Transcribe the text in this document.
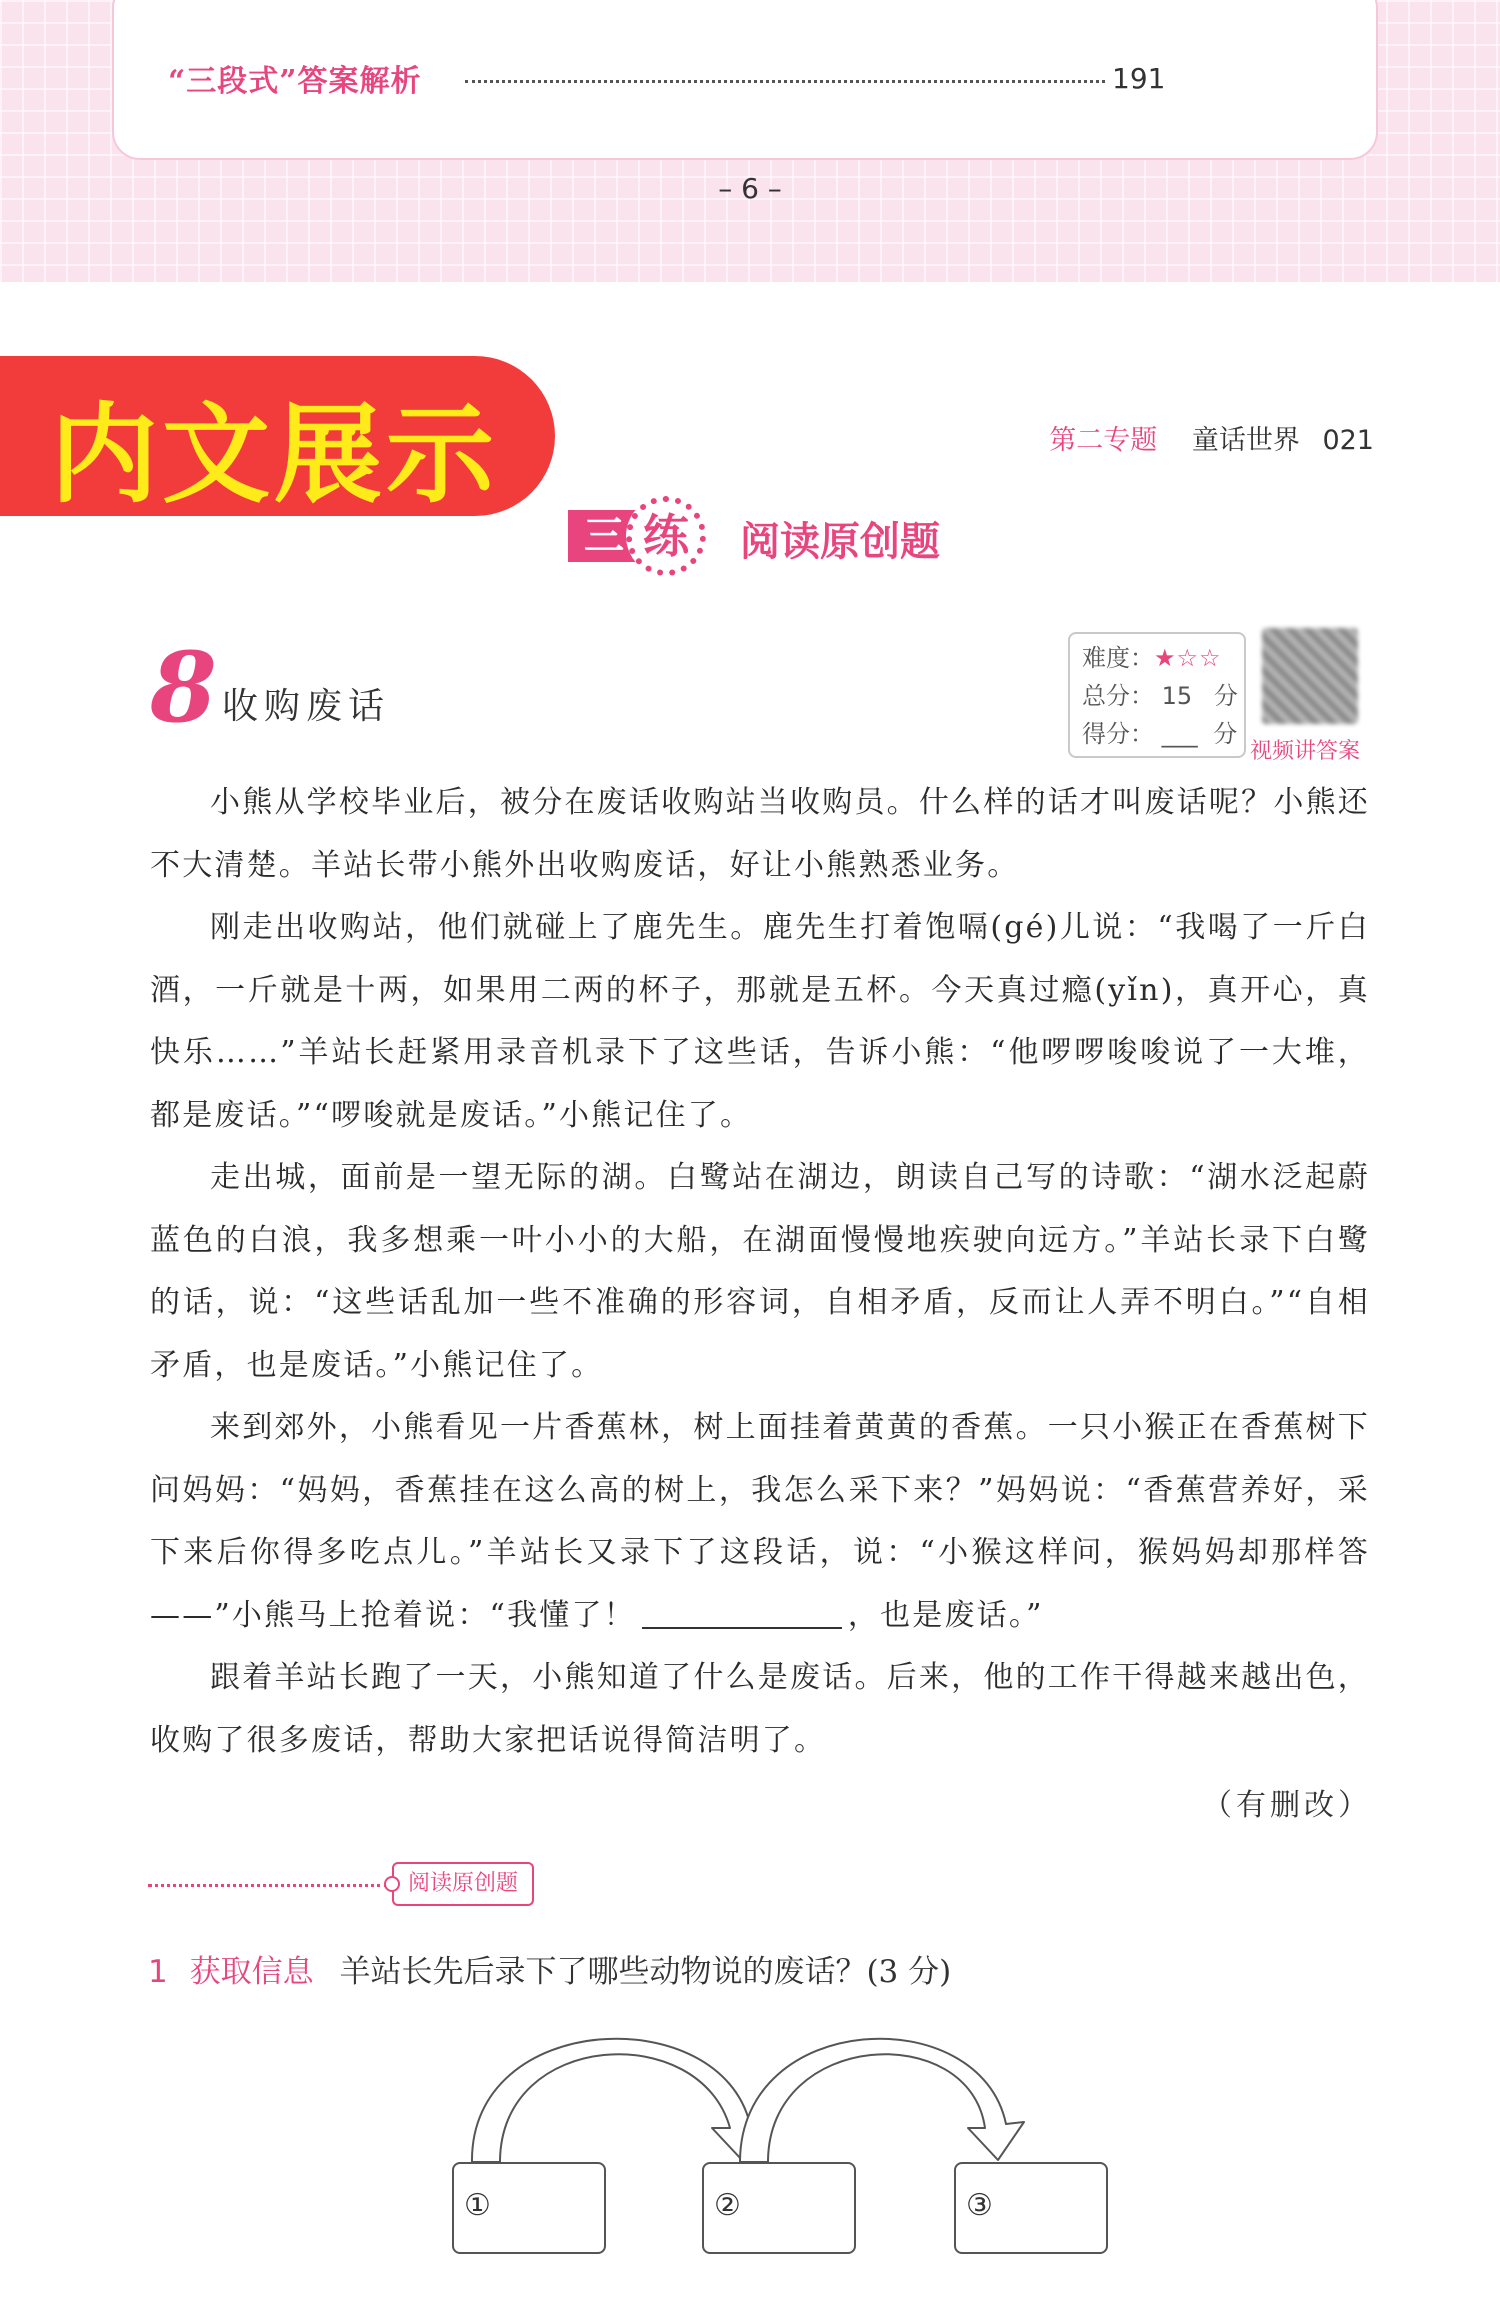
“三段式”答案解析	191
– 6 –
内文展示	第二专题 童话世界 021
三 练	阅读原创题
8 收购废话
难度：★☆☆
总分： 15 分
得分： ___ 分
视频讲答案

小熊从学校毕业后，被分在废话收购站当收购员。什么样的话才叫废话呢？小熊还不大清楚。羊站长带小熊外出收购废话，好让小熊熟悉业务。

刚走出收购站，他们就碰上了鹿先生。鹿先生打着饱嗝(gé)儿说：“我喝了一斤白酒，一斤就是十两，如果用二两的杯子，那就是五杯。今天真过瘾(yǐn)，真开心，真快乐……”羊站长赶紧用录音机录下了这些话，告诉小熊：“他啰啰唆唆说了一大堆，都是废话。”“啰唆就是废话。”小熊记住了。

走出城，面前是一望无际的湖。白鹭站在湖边，朗读自己写的诗歌：“湖水泛起蔚蓝色的白浪，我多想乘一叶小小的大船，在湖面慢慢地疾驶向远方。”羊站长录下白鹭的话，说：“这些话乱加一些不准确的形容词，自相矛盾，反而让人弄不明白。”“自相矛盾，也是废话。”小熊记住了。

来到郊外，小熊看见一片香蕉林，树上面挂着黄黄的香蕉。一只小猴正在香蕉树下问妈妈：“妈妈，香蕉挂在这么高的树上，我怎么采下来？”妈妈说：“香蕉营养好，采下来后你得多吃点儿。”羊站长又录下了这段话，说：“小猴这样问，猴妈妈却那样答——”小熊马上抢着说：“我懂了！	，也是废话。”

跟着羊站长跑了一天，小熊知道了什么是废话。后来，他的工作干得越来越出色，收购了很多废话，帮助大家把话说得简洁明了。

（有删改）
阅读原创题
1 获取信息 羊站长先后录下了哪些动物说的废话？(3 分)
①	②	③
